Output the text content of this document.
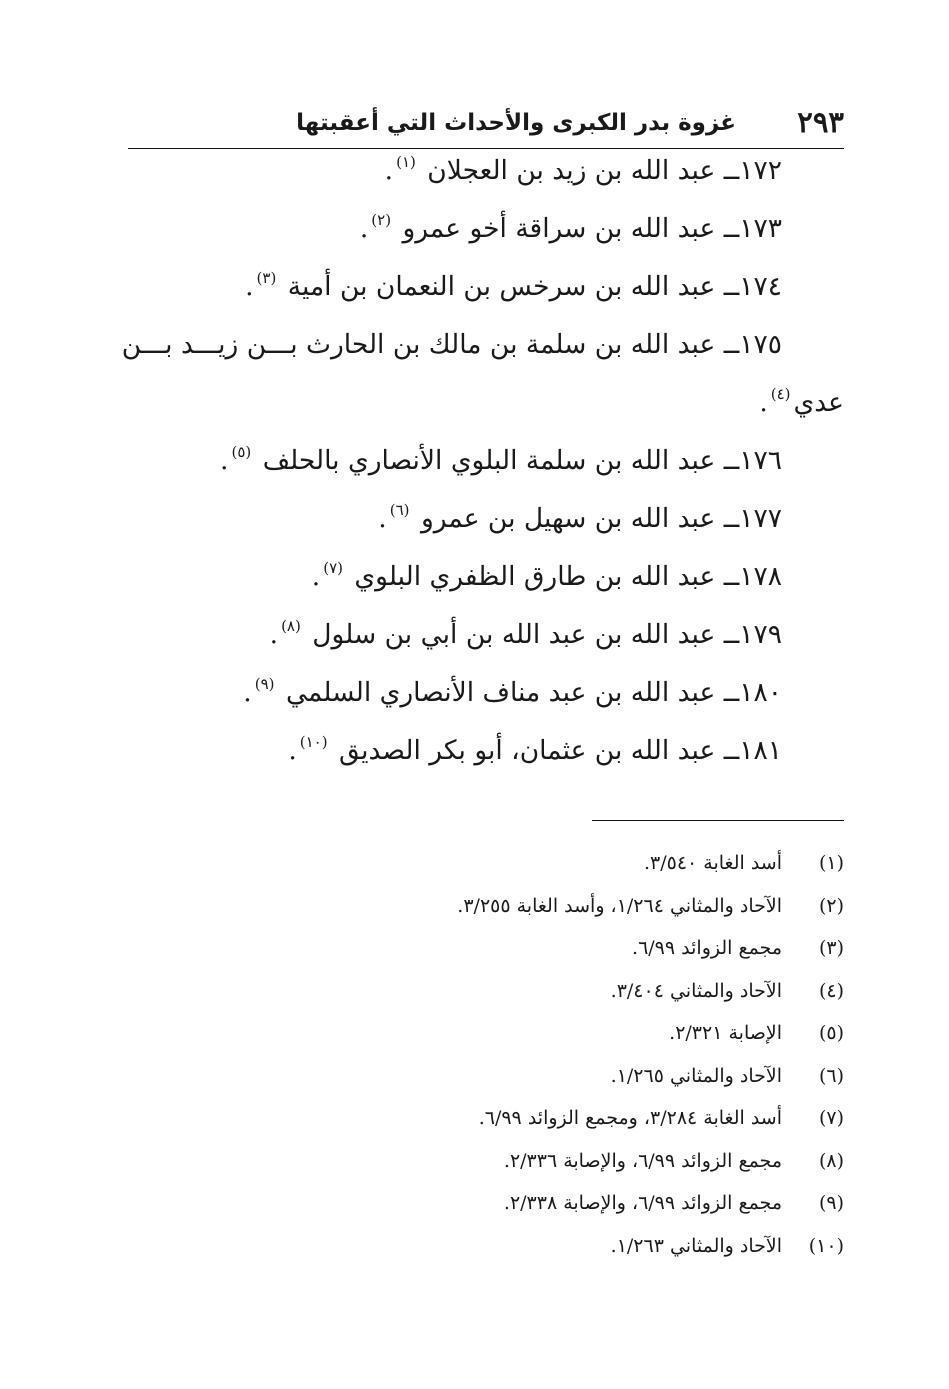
٢٩٣
غزوة بدر الكبرى والأحداث التي أعقبتها
١٧٢ــ عبد الله بن زيد بن العجلان $^{(١)}$.
١٧٣ــ عبد الله بن سراقة أخو عمرو $^{(٢)}$.
١٧٤ــ عبد الله بن سرخس بن النعمان بن أمية $^{(٣)}$.
١٧٥ــ عبد الله بن سلمة بن مالك بن الحارث بـــن زيـــد بـــن
عدي$^{(٤)}$.
١٧٦ــ عبد الله بن سلمة البلوي الأنصاري بالحلف $^{(٥)}$.
١٧٧ــ عبد الله بن سهيل بن عمرو $^{(٦)}$.
١٧٨ــ عبد الله بن طارق الظفري البلوي $^{(٧)}$.
١٧٩ــ عبد الله بن عبد الله بن أبي بن سلول $^{(٨)}$.
١٨٠ــ عبد الله بن عبد مناف الأنصاري السلمي $^{(٩)}$.
١٨١ــ عبد الله بن عثمان، أبو بكر الصديق $^{(١٠)}$.
(١)
أسد الغابة ٣/٥٤٠.
(٢)
الآحاد والمثاني ١/٢٦٤، وأسد الغابة ٣/٢٥٥.
(٣)
مجمع الزوائد ٦/٩٩.
(٤)
الآحاد والمثاني ٣/٤٠٤.
(٥)
الإصابة ٢/٣٢١.
(٦)
الآحاد والمثاني ١/٢٦٥.
(٧)
أسد الغابة ٣/٢٨٤، ومجمع الزوائد ٦/٩٩.
(٨)
مجمع الزوائد ٦/٩٩، والإصابة ٢/٣٣٦.
(٩)
مجمع الزوائد ٦/٩٩، والإصابة ٢/٣٣٨.
(١٠)
الآحاد والمثاني ١/٢٦٣.
